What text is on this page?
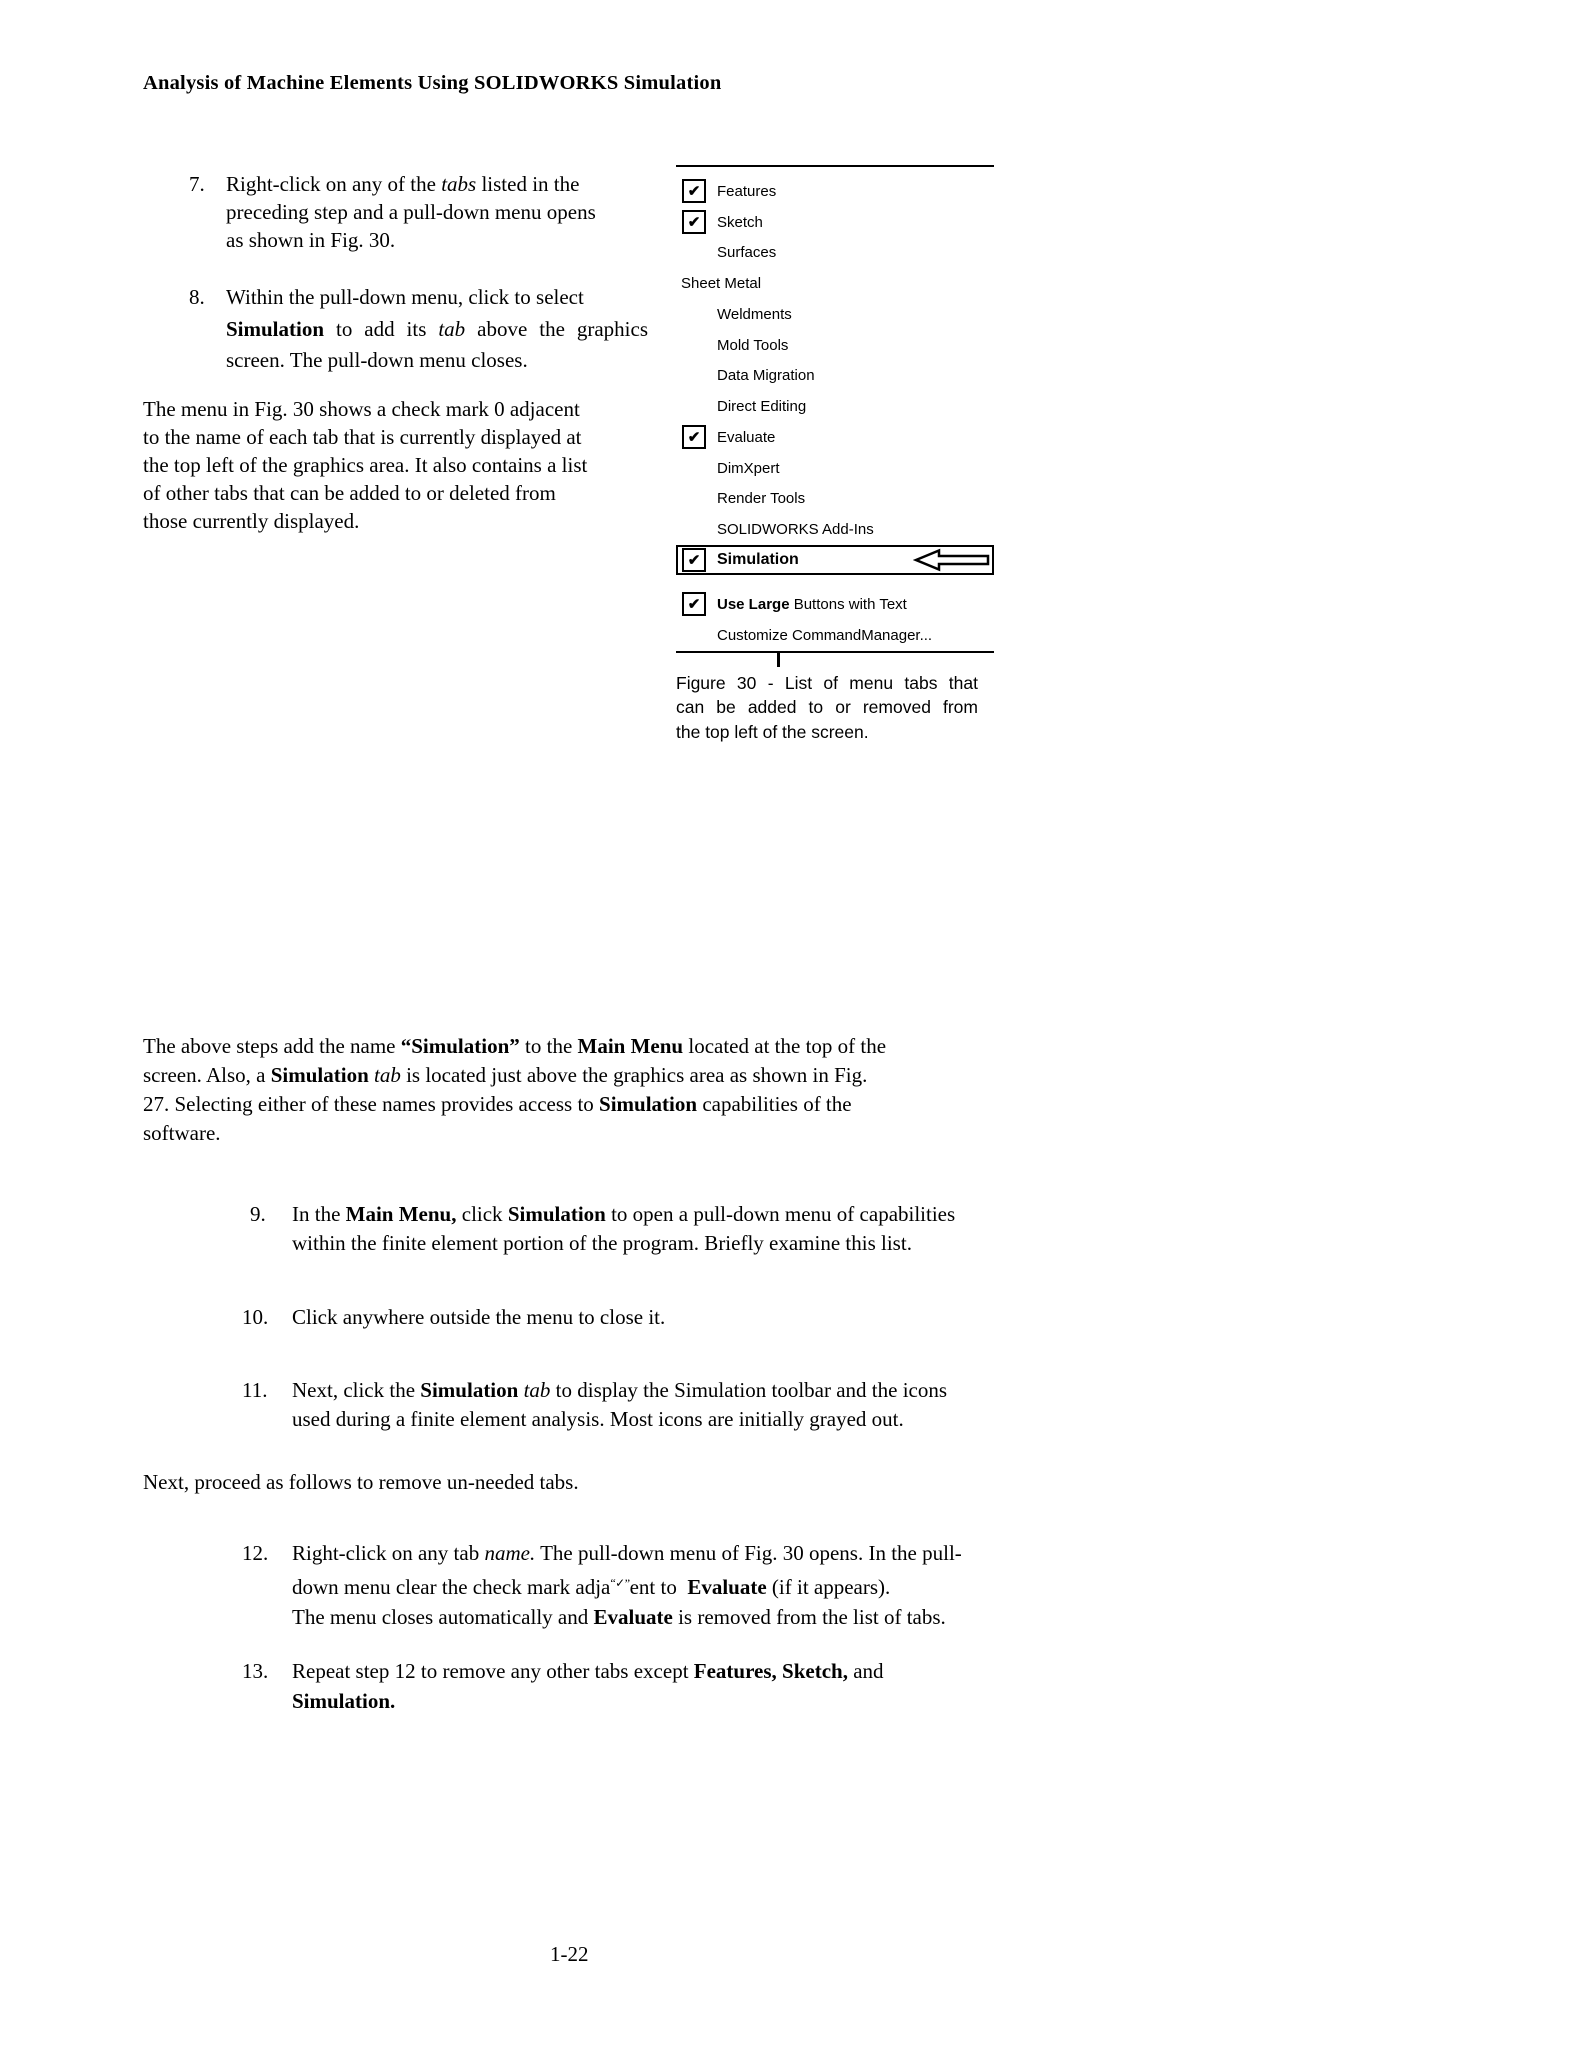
Analysis of Machine Elements Using SOLIDWORKS Simulation
7.	Right-click on any of the tabs listed in the
preceding step and a pull-down menu opens
as shown in Fig. 30.
8.	Within the pull-down menu, click to select
Simulation to add its tab above the graphics
screen. The pull-down menu closes.
The menu in Fig. 30 shows a check mark 0 adjacent
to the name of each tab that is currently displayed at
the top left of the graphics area. It also contains a list
of other tabs that can be added to or deleted from
those currently displayed.
✔	Features
✔	Sketch
Surfaces
Sheet Metal
Weldments
Mold Tools
Data Migration
Direct Editing
✔	Evaluate
DimXpert
Render Tools
SOLIDWORKS Add-Ins
✔	Simulation
✔	Use Large Buttons with Text
Customize CommandManager...
Figure 30 - List of menu tabs that
can be added to or removed from
the top left of the screen.
The above steps add the name “Simulation” to the Main Menu located at the top of the
screen. Also, a Simulation tab is located just above the graphics area as shown in Fig.
27. Selecting either of these names provides access to Simulation capabilities of the
software.
9.	In the Main Menu, click Simulation to open a pull-down menu of capabilities
within the finite element portion of the program. Briefly examine this list.
10.	Click anywhere outside the menu to close it.
11.	Next, click the Simulation tab to display the Simulation toolbar and the icons
used during a finite element analysis. Most icons are initially grayed out.
Next, proceed as follows to remove un-needed tabs.
12.	Right-click on any tab name. The pull-down menu of Fig. 30 opens. In the pull-
down menu clear the check mark adja“✓”ent to  Evaluate (if it appears).
The menu closes automatically and Evaluate is removed from the list of tabs.
13.	Repeat step 12 to remove any other tabs except Features, Sketch, and
Simulation.
1-22
